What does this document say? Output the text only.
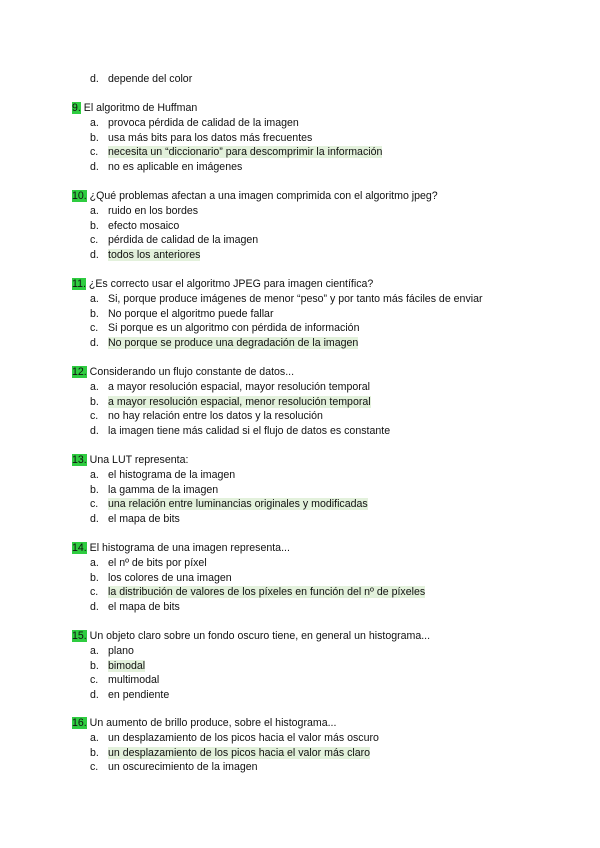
d. depende del color
9. El algoritmo de Huffman
a. provoca pérdida de calidad de la imagen
b. usa más bits para los datos más frecuentes
c. necesita un “diccionario” para descomprimir la información
d. no es aplicable en imágenes
10. ¿Qué problemas afectan a una imagen comprimida con el algoritmo jpeg?
a. ruido en los bordes
b. efecto mosaico
c. pérdida de calidad de la imagen
d. todos los anteriores
11. ¿Es correcto usar el algoritmo JPEG para imagen científica?
a. Si, porque produce imágenes de menor “peso” y por tanto más fáciles de enviar
b. No porque el algoritmo puede fallar
c. Si porque es un algoritmo con pérdida de información
d. No porque se produce una degradación de la imagen
12. Considerando un flujo constante de datos...
a. a mayor resolución espacial, mayor resolución temporal
b. a mayor resolución espacial, menor resolución temporal
c. no hay relación entre los datos y la resolución
d. la imagen tiene más calidad si el flujo de datos es constante
13. Una LUT representa:
a. el histograma de la imagen
b. la gamma de la imagen
c. una relación entre luminancias originales y modificadas
d. el mapa de bits
14. El histograma de una imagen representa...
a. el nº de bits por píxel
b. los colores de una imagen
c. la distribución de valores de los píxeles en función del nº de píxeles
d. el mapa de bits
15. Un objeto claro sobre un fondo oscuro tiene, en general un histograma...
a. plano
b. bimodal
c. multimodal
d. en pendiente
16. Un aumento de brillo produce, sobre el histograma...
a. un desplazamiento de los picos hacia el valor más oscuro
b. un desplazamiento de los picos hacia el valor más claro
c. un oscurecimiento de la imagen
